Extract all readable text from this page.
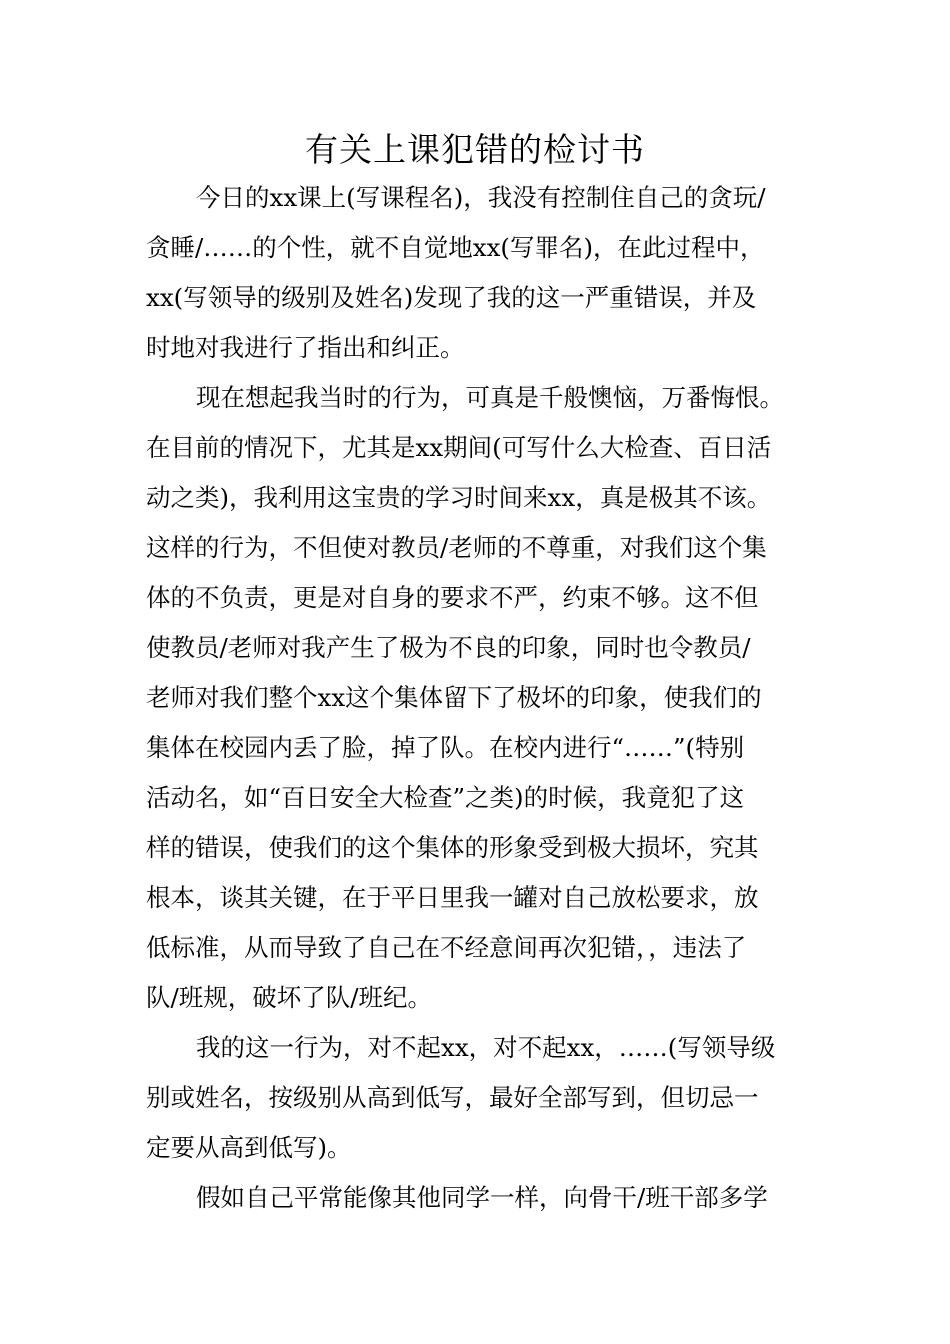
有关上课犯错的检讨书
今日的xx课上(写课程名)，我没有控制住自己的贪玩/
贪睡/……的个性，就不自觉地xx(写罪名)，在此过程中，
xx(写领导的级别及姓名)发现了我的这一严重错误，并及
时地对我进行了指出和纠正。
现在想起我当时的行为，可真是千般懊恼，万番悔恨。
在目前的情况下，尤其是xx期间(可写什么大检查、百日活
动之类)，我利用这宝贵的学习时间来xx，真是极其不该。
这样的行为，不但使对教员/老师的不尊重，对我们这个集
体的不负责，更是对自身的要求不严，约束不够。这不但
使教员/老师对我产生了极为不良的印象，同时也令教员/
老师对我们整个xx这个集体留下了极坏的印象，使我们的
集体在校园内丢了脸，掉了队。在校内进行“……”(特别
活动名，如“百日安全大检查”之类)的时候，我竟犯了这
样的错误，使我们的这个集体的形象受到极大损坏，究其
根本，谈其关键，在于平日里我一罐对自己放松要求，放
低标准，从而导致了自己在不经意间再次犯错，，违法了
队/班规，破坏了队/班纪。
我的这一行为，对不起xx，对不起xx，……(写领导级
别或姓名，按级别从高到低写，最好全部写到，但切忌一
定要从高到低写)。
假如自己平常能像其他同学一样，向骨干/班干部多学
